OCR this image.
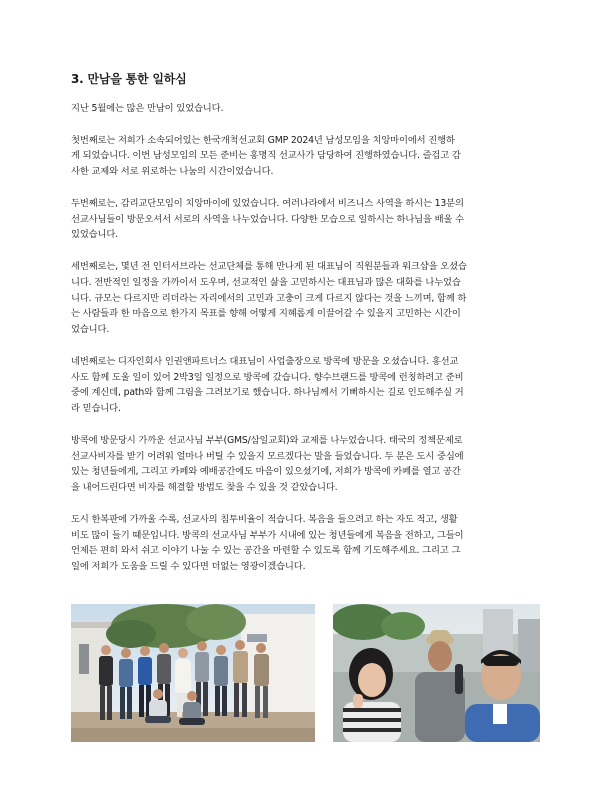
3. 만남을 통한 일하심

지난 5월에는 많은 만남이 있었습니다.

첫번째로는 저희가 소속되어있는 한국개척선교회 GMP 2024년 남성모임을 치앙마이에서 진행하
게 되었습니다. 이번 남성모임의 모든 준비는 홍명직 선교사가 담당하여 진행하였습니다. 즐겁고 감
사한 교제와 서로 위로하는 나눔의 시간이었습니다.

두번째로는, 감리교단모임이 치앙마이에 있었습니다. 여러나라에서 비즈니스 사역을 하시는 13분의
선교사님들이 방문오셔서 서로의 사역을 나누었습니다. 다양한 모습으로 일하시는 하나님을 배울 수
있었습니다.

세번째로는, 몇년 전 인터서브라는 선교단체를 통해 만나게 된 대표님이 직원분들과 워크샵을 오셨습
니다. 전반적인 일정을 가까이서 도우며, 선교적인 삶을 고민하시는 대표님과 많은 대화를 나누었습
니다. 규모는 다르지만 리더라는 자리에서의 고민과 고충이 크게 다르지 않다는 것을 느끼며, 함께 하
는 사람들과 한 마음으로 한가지 목표를 향해 어떻게 지혜롭게 이끌어갈 수 있을지 고민하는 시간이
었습니다.

네번째로는 디자인회사 인권앤파트너스 대표님이 사업출장으로 방콕에 방문을 오셨습니다. 홍선교
사도 함께 도울 일이 있어 2박3일 일정으로 방콕에 갔습니다. 향수브랜드를 방콕에 런칭하려고 준비
중에 계신데, path와 함께 그림을 그려보기로 했습니다. 하나님께서 기뻐하시는 길로 인도해주실 거
라 믿습니다.

방콕에 방문당시 가까운 선교사님 부부(GMS/삼일교회)와 교제를 나누었습니다. 태국의 정책문제로
선교사비자를 받기 어려워 얼마나 버틸 수 있을지 모르겠다는 말을 들었습니다. 두 분은 도시 중심에
있는 청년들에게, 그리고 카페와 예배공간에도 마음이 있으셨기에, 저희가 방콕에 카페를 열고 공간
을 내어드린다면 비자를 해결할 방법도 찾을 수 있을 것 같았습니다.

도시 한복판에 가까울 수록, 선교사의 침투비율이 적습니다. 복음을 들으려고 하는 자도 적고, 생활
비도 많이 들기 때문입니다. 방콕의 선교사님 부부가 시내에 있는 청년들에게 복음을 전하고, 그들이
언제든 편히 와서 쉬고 이야기 나눌 수 있는 공간을 마련할 수 있도록 함께 기도해주세요. 그리고 그
일에 저희가 도움을 드릴 수 있다면 더없는 영광이겠습니다.
